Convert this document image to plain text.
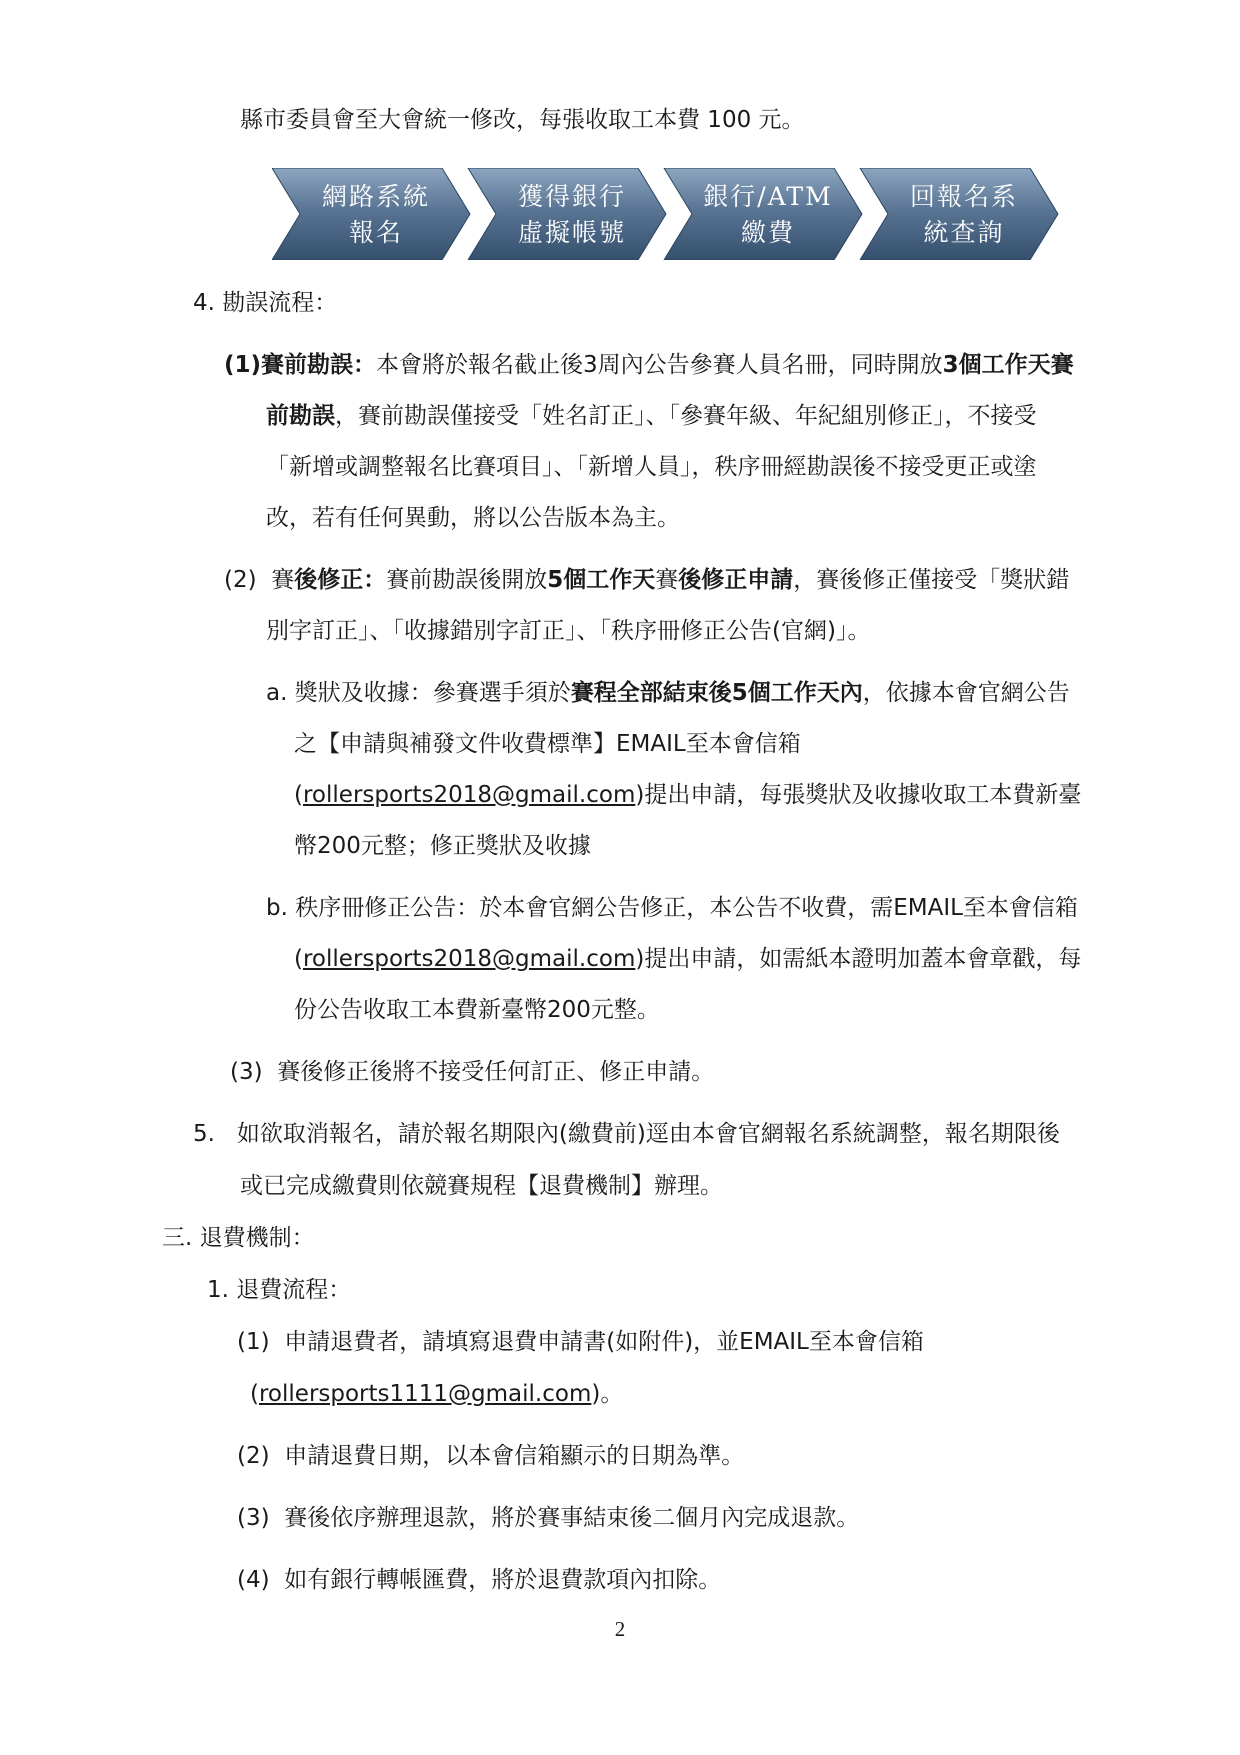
縣市委員會至大會統一修改，每張收取工本費 100 元。
網路系統
報名
獲得銀行
虛擬帳號
銀行/ATM
繳費
回報名系
統查詢
4. 勘誤流程：
(1)賽前勘誤：本會將於報名截止後3周內公告參賽人員名冊，同時開放3個工作天賽
前勘誤，賽前勘誤僅接受「姓名訂正」、「參賽年級、年紀組別修正」，不接受
「新增或調整報名比賽項目」、「新增人員」，秩序冊經勘誤後不接受更正或塗
改，若有任何異動，將以公告版本為主。
(2) 賽後修正：賽前勘誤後開放5個工作天賽後修正申請，賽後修正僅接受「獎狀錯
別字訂正」、「收據錯別字訂正」、「秩序冊修正公告(官網)」。
a. 獎狀及收據：參賽選手須於賽程全部結束後5個工作天內，依據本會官網公告
之【申請與補發文件收費標準】EMAIL至本會信箱
(rollersports2018@gmail.com)提出申請，每張獎狀及收據收取工本費新臺
幣200元整；修正獎狀及收據
b. 秩序冊修正公告：於本會官網公告修正，本公告不收費，需EMAIL至本會信箱
(rollersports2018@gmail.com)提出申請，如需紙本證明加蓋本會章戳，每
份公告收取工本費新臺幣200元整。
(3) 賽後修正後將不接受任何訂正、修正申請。
5. 如欲取消報名，請於報名期限內(繳費前)逕由本會官網報名系統調整，報名期限後
或已完成繳費則依競賽規程【退費機制】辦理。
三. 退費機制：
1. 退費流程：
(1) 申請退費者，請填寫退費申請書(如附件)，並EMAIL至本會信箱
(rollersports1111@gmail.com)。
(2) 申請退費日期，以本會信箱顯示的日期為準。
(3) 賽後依序辦理退款，將於賽事結束後二個月內完成退款。
(4) 如有銀行轉帳匯費，將於退費款項內扣除。
2
